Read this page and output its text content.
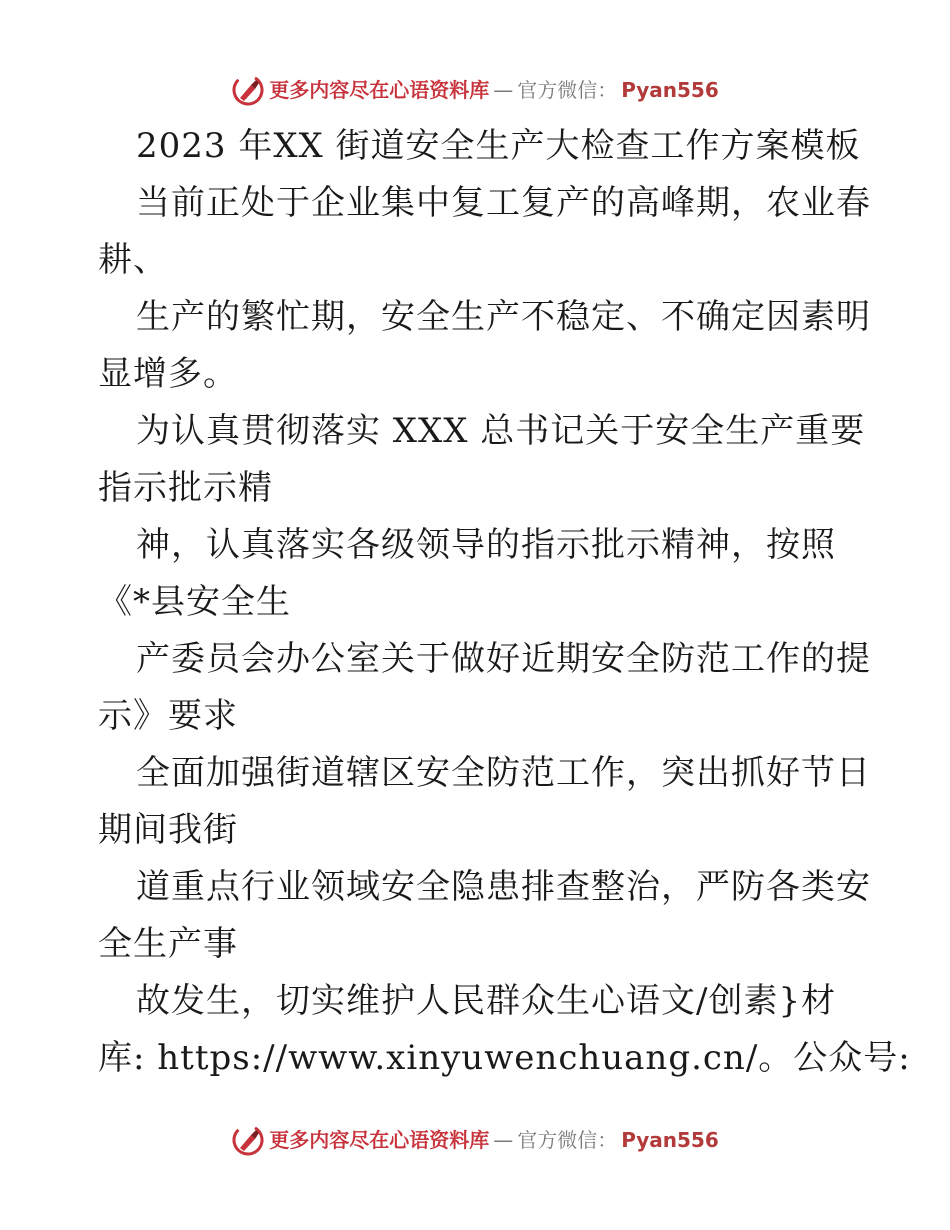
更多内容尽在心语资料库 — 官方微信： Pyan556
2023 年XX 街道安全生产大检查工作方案模板
当前正处于企业集中复工复产的高峰期，农业春
耕、
生产的繁忙期，安全生产不稳定、不确定因素明
显增多。
为认真贯彻落实 XXX 总书记关于安全生产重要
指示批示精
神，认真落实各级领导的指示批示精神，按照
《*县安全生
产委员会办公室关于做好近期安全防范工作的提
示》要求
全面加强街道辖区安全防范工作，突出抓好节日
期间我街
道重点行业领域安全隐患排查整治，严防各类安
全生产事
故发生，切实维护人民群众生心语文/创素}材
库: https://www.xinyuwenchuang.cn/。公众号:
更多内容尽在心语资料库 — 官方微信： Pyan556
